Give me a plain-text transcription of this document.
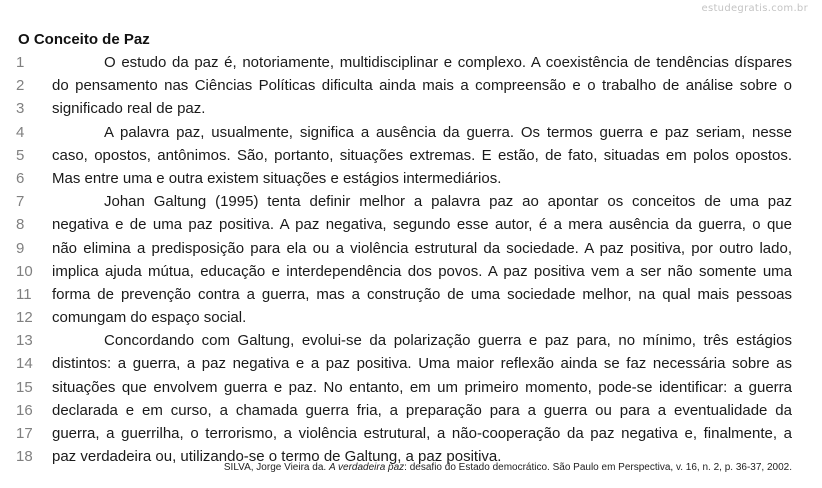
estudegratis.com.br
O Conceito de Paz
1	O estudo da paz é, notoriamente, multidisciplinar e complexo. A coexistência de tendências díspares
2	do pensamento nas Ciências Políticas dificulta ainda mais a compreensão e o trabalho de análise sobre o
3	significado real de paz.
4	A palavra paz, usualmente, significa a ausência da guerra. Os termos guerra e paz seriam, nesse
5	caso, opostos, antônimos. São, portanto, situações extremas. E estão, de fato, situadas em polos opostos.
6	Mas entre uma e outra existem situações e estágios intermediários.
7	Johan Galtung (1995) tenta definir melhor a palavra paz ao apontar os conceitos de uma paz
8	negativa e de uma paz positiva. A paz negativa, segundo esse autor, é a mera ausência da guerra, o que
9	não elimina a predisposição para ela ou a violência estrutural da sociedade. A paz positiva, por outro lado,
10	implica ajuda mútua, educação e interdependência dos povos. A paz positiva vem a ser não somente uma
11	forma de prevenção contra a guerra, mas a construção de uma sociedade melhor, na qual mais pessoas
12	comungam do espaço social.
13	Concordando com Galtung, evolui-se da polarização guerra e paz para, no mínimo, três estágios
14	distintos: a guerra, a paz negativa e a paz positiva. Uma maior reflexão ainda se faz necessária sobre as
15	situações que envolvem guerra e paz. No entanto, em um primeiro momento, pode-se identificar: a guerra
16	declarada e em curso, a chamada guerra fria, a preparação para a guerra ou para a eventualidade da
17	guerra, a guerrilha, o terrorismo, a violência estrutural, a não-cooperação da paz negativa e, finalmente, a
18	paz verdadeira ou, utilizando-se o termo de Galtung, a paz positiva.
SILVA, Jorge Vieira da. A verdadeira paz: desafio do Estado democrático. São Paulo em Perspectiva, v. 16, n. 2, p. 36-37, 2002.
